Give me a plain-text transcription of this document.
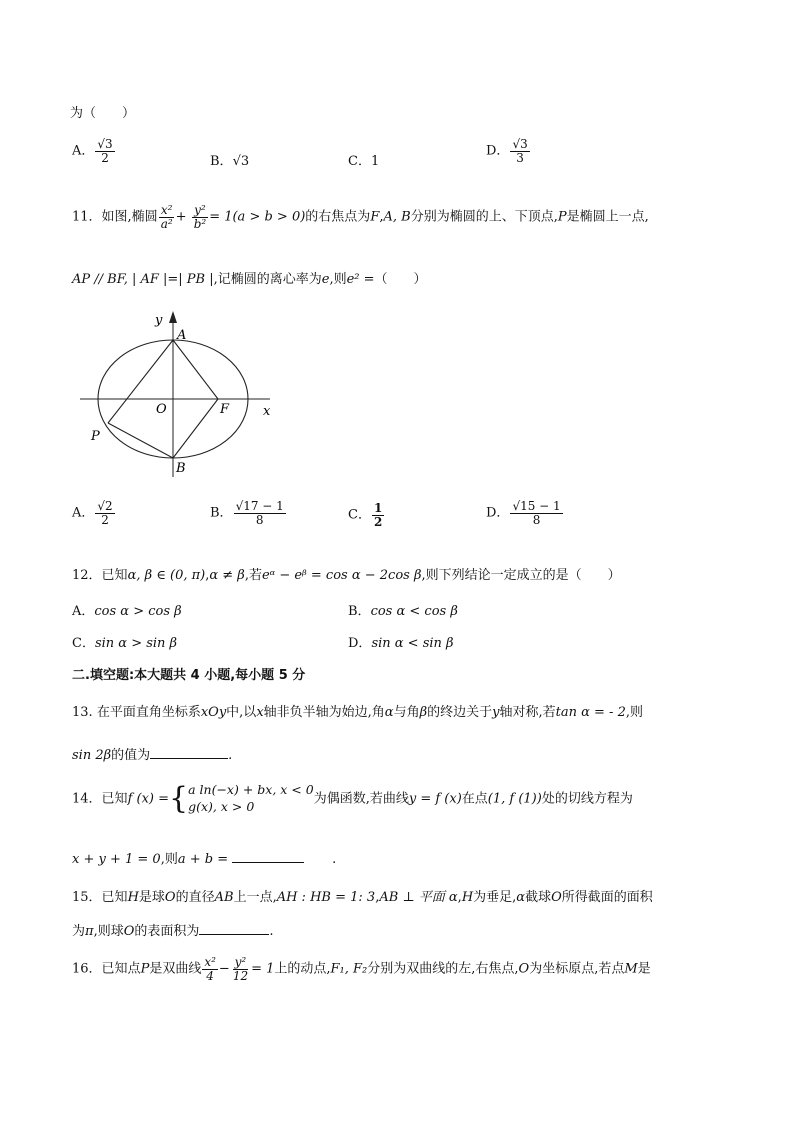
为（　　）
A． $\frac{√3}{2}$	B．√3	C．1
D． $\frac{√3}{3}$
11．如图,椭圆 $\frac{\text{x²}}{\text{a²}} + \frac{\text{y²}}{\text{b²}} = 1(a > b > 0)$的右焦点为F,A, B分别为椭圆的上、下顶点,P是椭圆上一点,
AP // BF, | AF |=| PB |,记椭圆的离心率为e,则e² =（　　）
y
A
O	F	x
P
B
A． $\frac{√2}{2}$	B． $\frac{√17 - 1}{8}$	C． $\frac{1}{2}$	D． $\frac{√15 - 1}{8}$
12．已知α, β ∈ (0, π),α ≠ β,若eᵅ − eᵝ = cos α − 2cos β,则下列结论一定成立的是（　　）
A．cos α > cos β	B．cos α < cos β
C．sin α > sin β	D．sin α < sin β
二.填空题:本大题共 4 小题,每小题 5 分
13. 在平面直角坐标系xOy中,以x轴非负半轴为始边,角α与角β的终边关于y轴对称,若tan α = - 2,则
sin 2β的值为	.
14．已知f (x) ={a ln(−x) + bx, x < 0
g(x), x > 0	为偶函数,若曲线y = f (x)在点(1, f (1))处的切线方程为
x + y + 1 = 0,则a + b =	.
15．已知H是球O的直径AB上一点,AH : HB = 1: 3,AB ⊥ 平面 α,H为垂足,α截球O所得截面的面积
为π,则球O的表面积为	.
16．已知点P是双曲线 $\frac{\text{x²}}{4} - \frac{\text{y²}}{12} = 1$上的动点,F₁, F₂分别为双曲线的左,右焦点,O为坐标原点,若点M是
